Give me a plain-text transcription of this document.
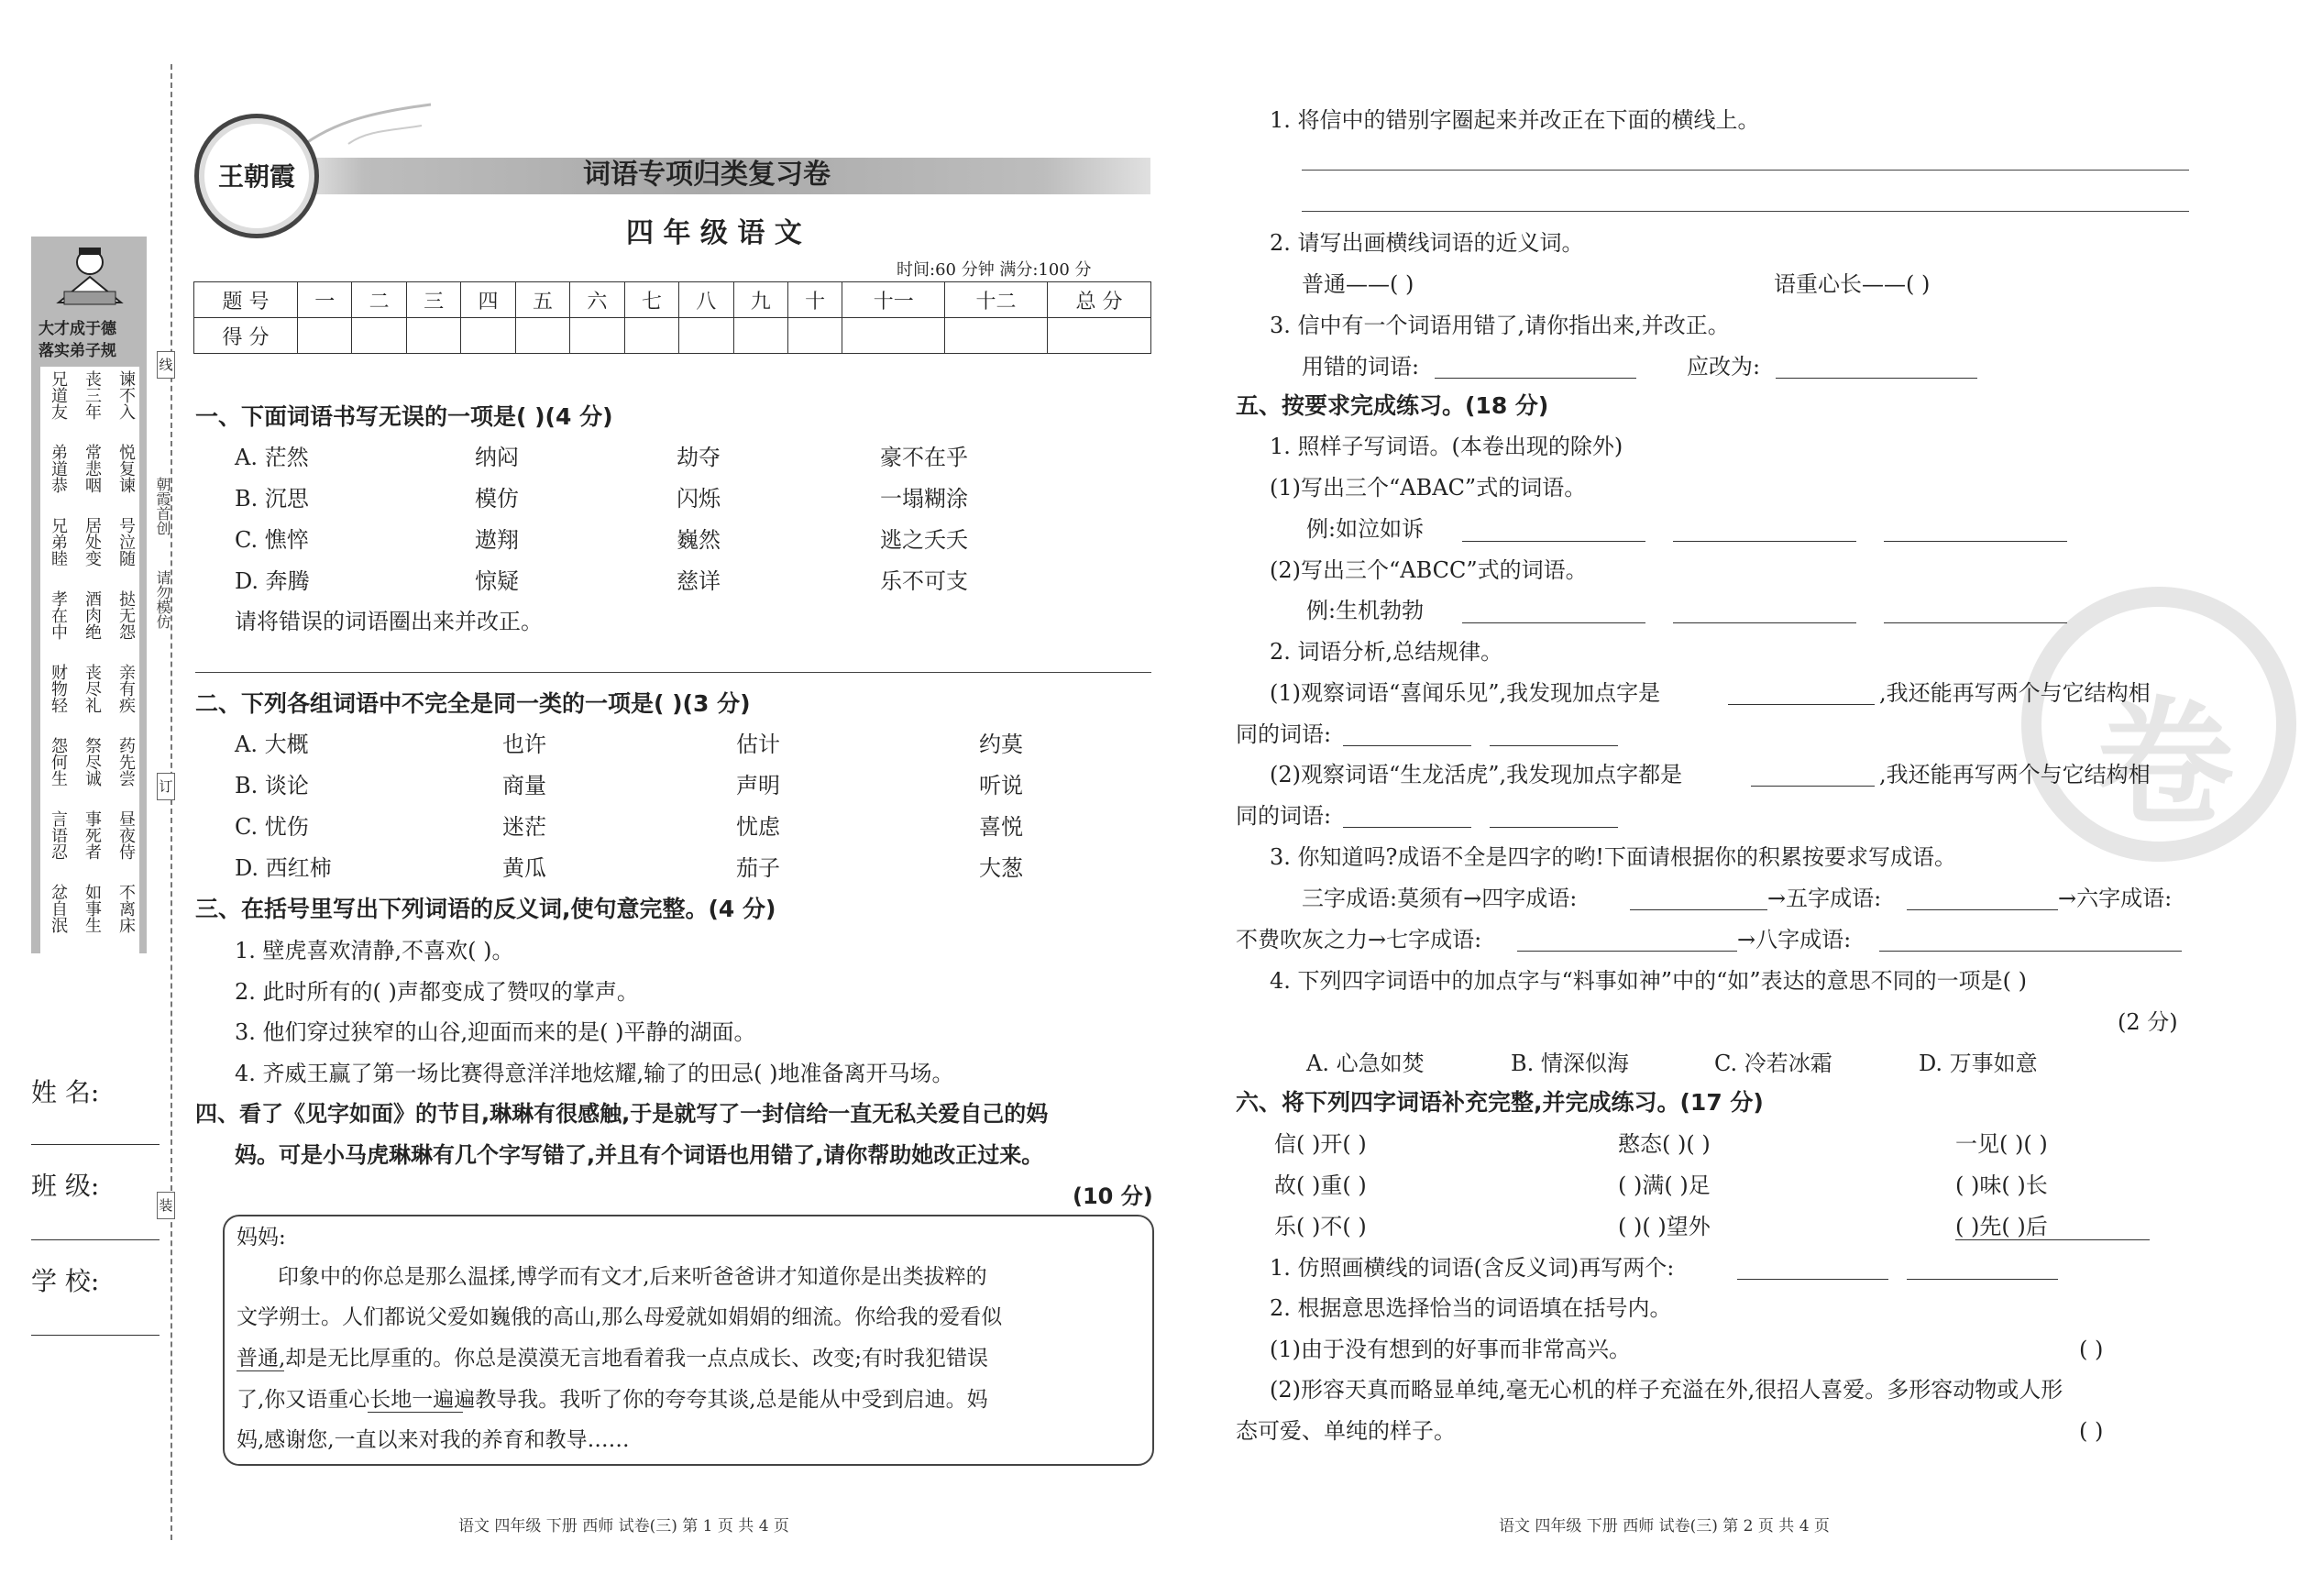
大才成于德
落实弟子规
谏不入
丧三年
兄道友
悦复谏
常悲咽
弟道恭
号泣随
居处变
兄弟睦
挞无怨
酒肉绝
孝在中
亲有疾
丧尽礼
财物轻
药先尝
祭尽诚
怨何生
昼夜侍
事死者
言语忍
不离床
如事生
忿自泯
朝霞首创
请勿模仿
线
订
装
姓 名:
班 级:
学 校:
王朝霞	词语专项归类复习卷
四 年 级 语 文
时间:60 分钟 满分:100 分
题 号	一	二	三	四	五	六	七	八	九	十	十一	十二	总 分
得 分													
一、下面词语书写无误的一项是( )(4 分)
A. 茫然	纳闷	劫夺	豪不在乎
B. 沉思	模仿	闪烁	一塌糊涂
C. 憔悴	遨翔	巍然	逃之夭夭
D. 奔腾	惊疑	慈详	乐不可支
请将错误的词语圈出来并改正。
二、下列各组词语中不完全是同一类的一项是( )(3 分)
A. 大概	也许	估计	约莫
B. 谈论	商量	声明	听说
C. 忧伤	迷茫	忧虑	喜悦
D. 西红柿	黄瓜	茄子	大葱
三、在括号里写出下列词语的反义词,使句意完整。(4 分)
1. 壁虎喜欢清静,不喜欢( )。
2. 此时所有的( )声都变成了赞叹的掌声。
3. 他们穿过狭窄的山谷,迎面而来的是( )平静的湖面。
4. 齐威王赢了第一场比赛得意洋洋地炫耀,输了的田忌( )地准备离开马场。
四、看了《见字如面》的节目,琳琳有很感触,于是就写了一封信给一直无私关爱自己的妈
妈。可是小马虎琳琳有几个字写错了,并且有个词语也用错了,请你帮助她改正过来。
(10 分)
妈妈:
印象中的你总是那么温揉,博学而有文才,后来听爸爸讲才知道你是出类拔粹的
文学朔士。人们都说父爱如巍俄的高山,那么母爱就如娟娟的细流。你给我的爱看似
普通,却是无比厚重的。你总是漠漠无言地看着我一点点成长、改变;有时我犯错误
了,你又语重心长地一遍遍教导我。我听了你的夸夸其谈,总是能从中受到启迪。妈
妈,感谢您,一直以来对我的养育和教导……
语文 四年级 下册 西师 试卷(三) 第 1 页 共 4 页
卷
1. 将信中的错别字圈起来并改正在下面的横线上。
2. 请写出画横线词语的近义词。
普通——( )	语重心长——( )
3. 信中有一个词语用错了,请你指出来,并改正。
用错的词语:	应改为:
五、按要求完成练习。(18 分)
1. 照样子写词语。(本卷出现的除外)
(1)写出三个“ABAC”式的词语。
例:如泣如诉
(2)写出三个“ABCC”式的词语。
例:生机勃勃
2. 词语分析,总结规律。
(1)观察词语“喜闻乐见”,我发现加点字是	,我还能再写两个与它结构相
同的词语:
(2)观察词语“生龙活虎”,我发现加点字都是	,我还能再写两个与它结构相
同的词语:
3. 你知道吗?成语不全是四字的哟!下面请根据你的积累按要求写成语。
三字成语:莫须有→四字成语:	→五字成语:	→六字成语:
不费吹灰之力→七字成语:	→八字成语:
4. 下列四字词语中的加点字与“料事如神”中的“如”表达的意思不同的一项是( )
(2 分)
A. 心急如焚	B. 情深似海	C. 冷若冰霜	D. 万事如意
六、将下列四字词语补充完整,并完成练习。(17 分)
信( )开( )	憨态( )( )	一见( )( )
故( )重( )	( )满( )足	( )味( )长
乐( )不( )	( )( )望外	( )先( )后
1. 仿照画横线的词语(含反义词)再写两个:
2. 根据意思选择恰当的词语填在括号内。
(1)由于没有想到的好事而非常高兴。	( )
(2)形容天真而略显单纯,毫无心机的样子充溢在外,很招人喜爱。多形容动物或人形
态可爱、单纯的样子。	( )
语文 四年级 下册 西师 试卷(三) 第 2 页 共 4 页
